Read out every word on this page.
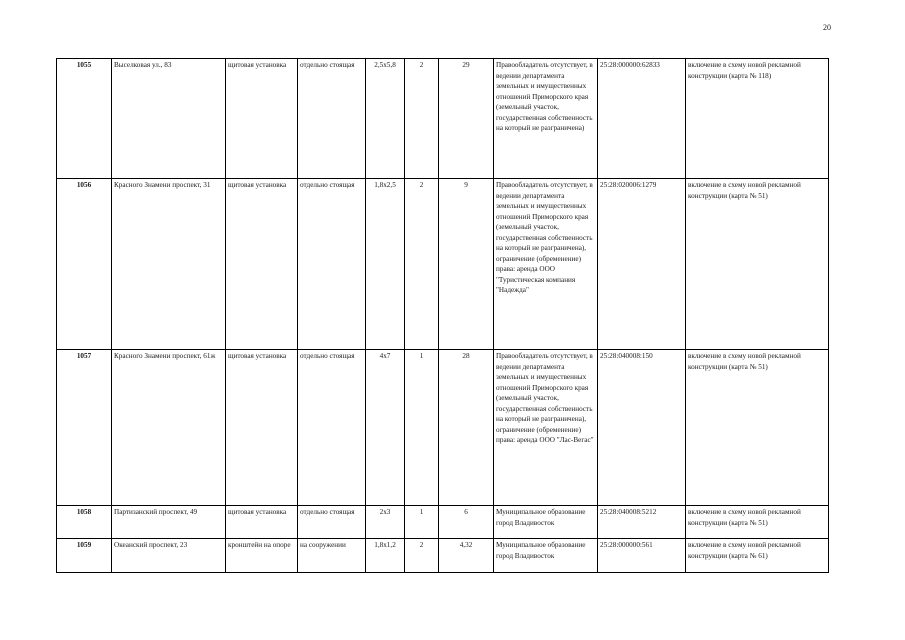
20
1055	Выселковая ул., 83	щитовая установка	отдельно стоящая	2,5х5,8	2	29	Правообладатель отсутствует, в ведении департамента земельных и имущественных отношений Приморского края (земельный участок, государственная собственность на который не разграничена)	25:28:000000:62833	включение в схему новой рекламной конструкции (карта № 118)
1056	Красного Знамени проспект, 31	щитовая установка	отдельно стоящая	1,8х2,5	2	9	Правообладатель отсутствует, в ведении департамента земельных и имущественных отношений Приморского края (земельный участок, государственная собственность на который не разграничена), ограничение (обременение) права: аренда ООО "Туристическая компания "Надежда"	25:28:020006:1279	включение в схему новой рекламной конструкции (карта № 51)
1057	Красного Знамени проспект, 61ж	щитовая установка	отдельно стоящая	4х7	1	28	Правообладатель отсутствует, в ведении департамента земельных и имущественных отношений Приморского края (земельный участок, государственная собственность на который не разграничена), ограничение (обременение) права: аренда ООО "Лас-Вегас"	25:28:040008:150	включение в схему новой рекламной конструкции (карта № 51)
1058	Партизанский проспект, 49	щитовая установка	отдельно стоящая	2х3	1	6	Муниципальное образование город Владивосток	25:28:040008:5212	включение в схему новой рекламной конструкции (карта № 51)
1059	Океанский проспект, 23	кронштейн на опоре	на сооружении	1,8х1,2	2	4,32	Муниципальное образование город Владивосток	25:28:000000:561	включение в схему новой рекламной конструкции (карта № 61)
